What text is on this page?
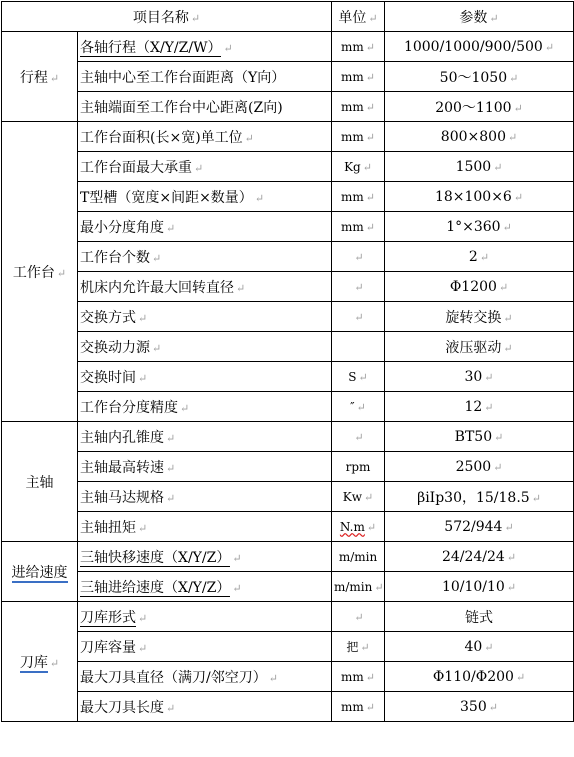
项目名称 ↵		单位 ↵	参数 ↵
行程 ↵	各轴行程（X/Y/Z/W） ↵	mm ↵	1000/1000/900/500 ↵
	主轴中心至工作台面距离（Y向）	mm ↵	50～1050 ↵
	主轴端面至工作台中心距离(Z向)	mm ↵	200～1100 ↵
工作台 ↵	工作台面积(长×宽)单工位 ↵	mm ↵	800×800 ↵
	工作台面最大承重 ↵	Kg ↵	1500 ↵
	T型槽（宽度×间距×数量） ↵	mm ↵	18×100×6 ↵
	最小分度角度 ↵	mm ↵	1°×360 ↵
	工作台个数 ↵	↵	2 ↵
	机床内允许最大回转直径 ↵	↵	Φ1200 ↵
	交换方式 ↵	↵	旋转交换 ↵
	交换动力源 ↵		液压驱动 ↵
	交换时间 ↵	S ↵	30 ↵
	工作台分度精度 ↵	″ ↵	12 ↵
主轴	主轴内孔锥度 ↵	↵	BT50 ↵
	主轴最高转速 ↵	rpm	2500 ↵
	主轴马达规格 ↵	Kw ↵	βiIp30，15/18.5 ↵
	主轴扭矩 ↵	N.m ↵	572/944 ↵
进给速度	三轴快移速度（X/Y/Z） ↵	m/min	24/24/24 ↵
	三轴进给速度（X/Y/Z） ↵	m/min ↵	10/10/10 ↵
刀库 ↵	刀库形式 ↵	↵	链式
	刀库容量 ↵	把 ↵	40 ↵
	最大刀具直径（满刀/邻空刀） ↵	mm ↵	Φ110/Φ200 ↵
	最大刀具长度 ↵	mm ↵	350 ↵
